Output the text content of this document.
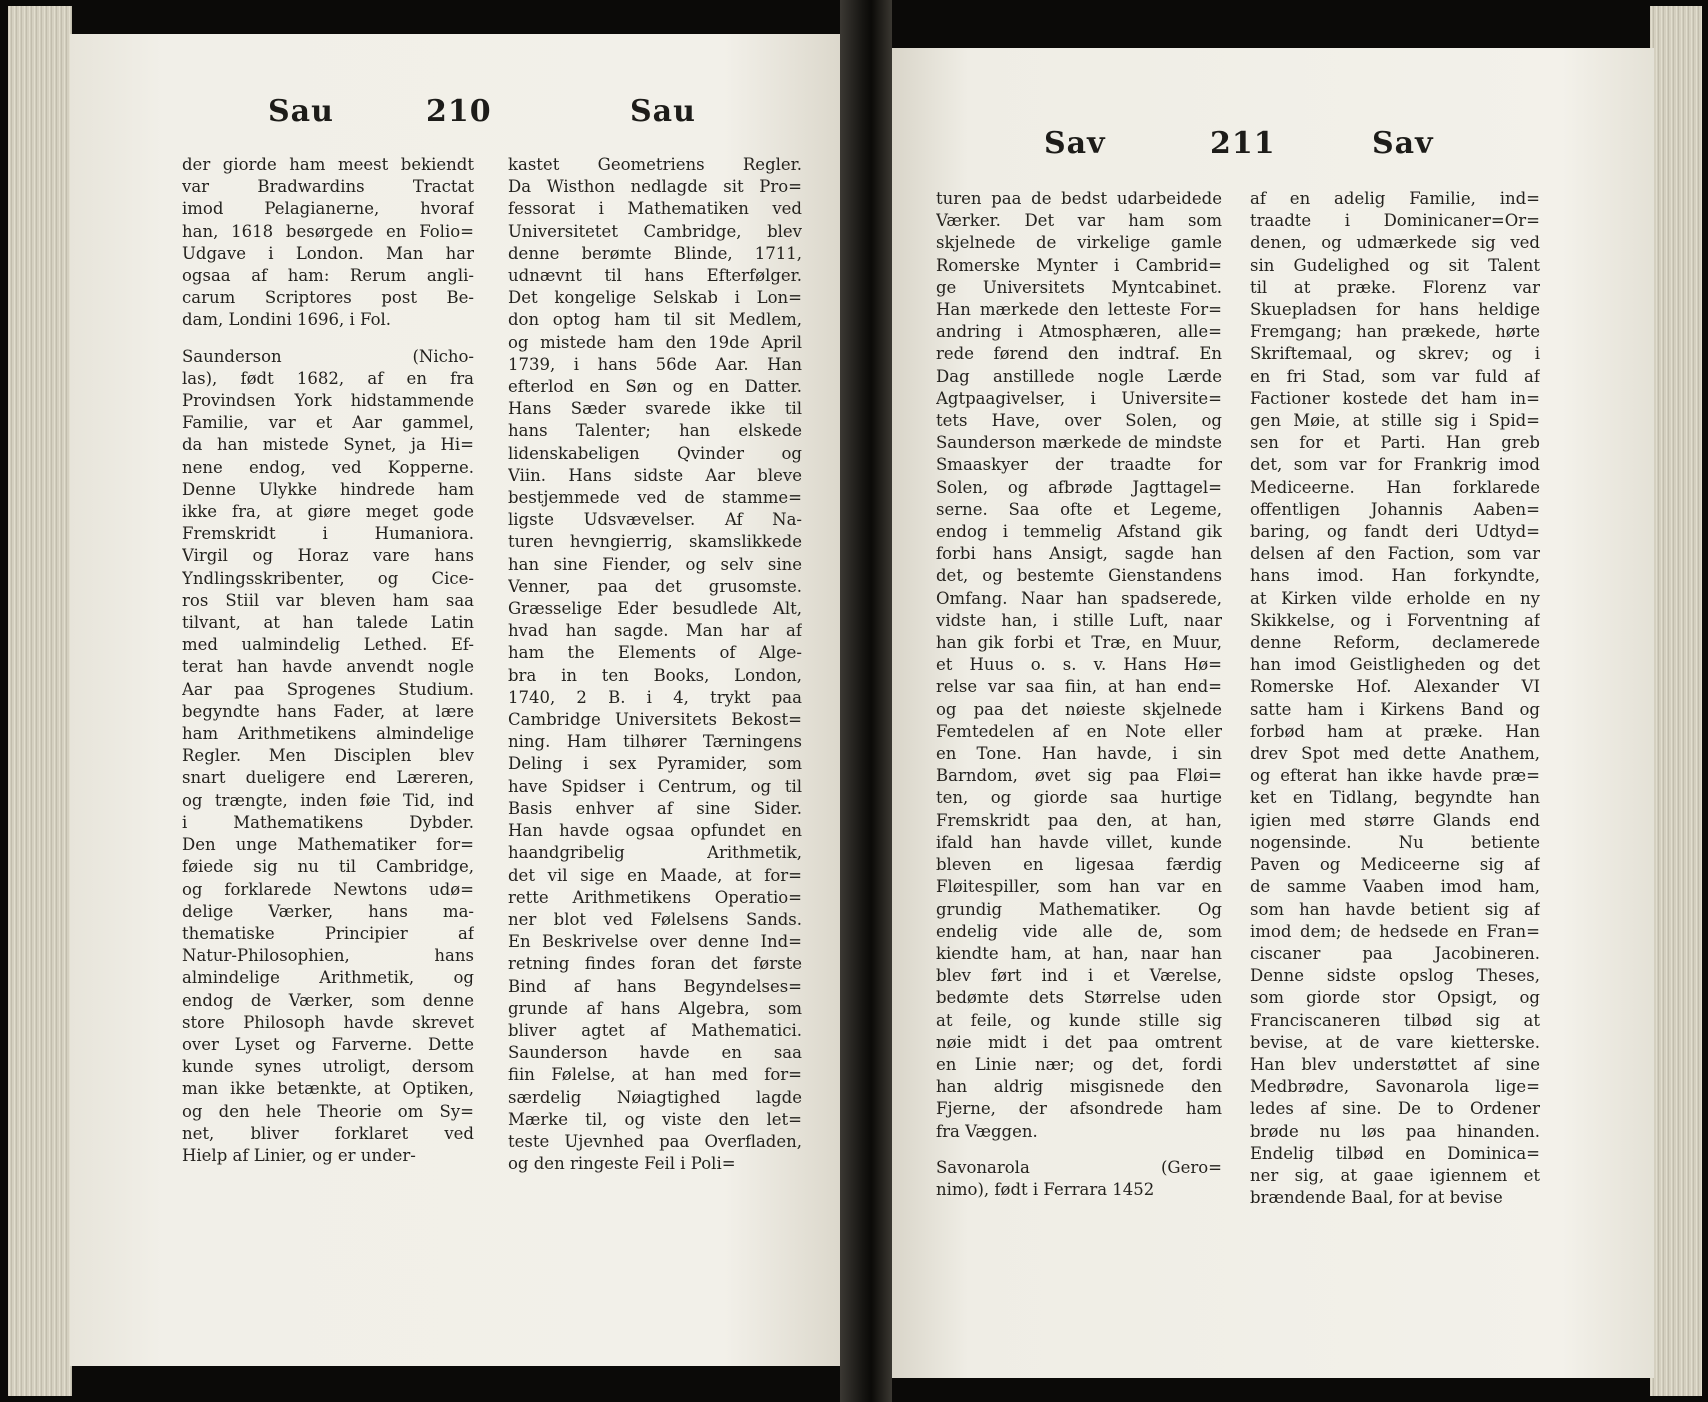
Sau	210	Sau
der giorde ham meest bekiendt
var Bradwardins Tractat
imod Pelagianerne, hvoraf
han, 1618 besørgede en Folio=
Udgave i London. Man har
ogsaa af ham: Rerum angli-
carum Scriptores post Be-
dam, Londini 1696, i Fol.
Saunderson (Nicho-
las), født 1682, af en fra
Provindsen York hidstammende
Familie, var et Aar gammel,
da han mistede Synet, ja Hi=
nene endog, ved Kopperne.
Denne Ulykke hindrede ham
ikke fra, at giøre meget gode
Fremskridt i Humaniora.
Virgil og Horaz vare hans
Yndlingsskribenter, og Cice-
ros Stiil var bleven ham saa
tilvant, at han talede Latin
med ualmindelig Lethed. Ef-
terat han havde anvendt nogle
Aar paa Sprogenes Studium.
begyndte hans Fader, at lære
ham Arithmetikens almindelige
Regler. Men Disciplen blev
snart dueligere end Læreren,
og trængte, inden føie Tid, ind
i Mathematikens Dybder.
Den unge Mathematiker for=
føiede sig nu til Cambridge,
og forklarede Newtons udø=
delige Værker, hans ma-
thematiske Principier af
Natur-Philosophien, hans
almindelige Arithmetik, og
endog de Værker, som denne
store Philosoph havde skrevet
over Lyset og Farverne. Dette
kunde synes utroligt, dersom
man ikke betænkte, at Optiken,
og den hele Theorie om Sy=
net, bliver forklaret ved
Hielp af Linier, og er under-
kastet Geometriens Regler.
Da Wisthon nedlagde sit Pro=
fessorat i Mathematiken ved
Universitetet Cambridge, blev
denne berømte Blinde, 1711,
udnævnt til hans Efterfølger.
Det kongelige Selskab i Lon=
don optog ham til sit Medlem,
og mistede ham den 19de April
1739, i hans 56de Aar. Han
efterlod en Søn og en Datter.
Hans Sæder svarede ikke til
hans Talenter; han elskede
lidenskabeligen Qvinder og
Viin. Hans sidste Aar bleve
bestjemmede ved de stamme=
ligste Udsvævelser. Af Na-
turen hevngierrig, skamslikkede
han sine Fiender, og selv sine
Venner, paa det grusomste.
Græsselige Eder besudlede Alt,
hvad han sagde. Man har af
ham the Elements of Alge-
bra in ten Books, London,
1740, 2 B. i 4, trykt paa
Cambridge Universitets Bekost=
ning. Ham tilhører Tærningens
Deling i sex Pyramider, som
have Spidser i Centrum, og til
Basis enhver af sine Sider.
Han havde ogsaa opfundet en
haandgribelig Arithmetik,
det vil sige en Maade, at for=
rette Arithmetikens Operatio=
ner blot ved Følelsens Sands.
En Beskrivelse over denne Ind=
retning findes foran det første
Bind af hans Begyndelses=
grunde af hans Algebra, som
bliver agtet af Mathematici.
Saunderson havde en saa
fiin Følelse, at han med for=
særdelig Nøiagtighed lagde
Mærke til, og viste den let=
teste Ujevnhed paa Overfladen,
og den ringeste Feil i Poli=
Sav	211	Sav
turen paa de bedst udarbeidede
Værker. Det var ham som
skjelnede de virkelige gamle
Romerske Mynter i Cambrid=
ge Universitets Myntcabinet.
Han mærkede den letteste For=
andring i Atmosphæren, alle=
rede førend den indtraf. En
Dag anstillede nogle Lærde
Agtpaagivelser, i Universite=
tets Have, over Solen, og
Saunderson mærkede de mindste
Smaaskyer der traadte for
Solen, og afbrøde Jagttagel=
serne. Saa ofte et Legeme,
endog i temmelig Afstand gik
forbi hans Ansigt, sagde han
det, og bestemte Gienstandens
Omfang. Naar han spadserede,
vidste han, i stille Luft, naar
han gik forbi et Træ, en Muur,
et Huus o. s. v. Hans Hø=
relse var saa fiin, at han end=
og paa det nøieste skjelnede
Femtedelen af en Note eller
en Tone. Han havde, i sin
Barndom, øvet sig paa Fløi=
ten, og giorde saa hurtige
Fremskridt paa den, at han,
ifald han havde villet, kunde
bleven en ligesaa færdig
Fløitespiller, som han var en
grundig Mathematiker. Og
endelig vide alle de, som
kiendte ham, at han, naar han
blev ført ind i et Værelse,
bedømte dets Størrelse uden
at feile, og kunde stille sig
nøie midt i det paa omtrent
en Linie nær; og det, fordi
han aldrig misgisnede den
Fjerne, der afsondrede ham
fra Væggen.
Savonarola (Gero=
nimo), født i Ferrara 1452
af en adelig Familie, ind=
traadte i Dominicaner=Or=
denen, og udmærkede sig ved
sin Gudelighed og sit Talent
til at præke. Florenz var
Skuepladsen for hans heldige
Fremgang; han prækede, hørte
Skriftemaal, og skrev; og i
en fri Stad, som var fuld af
Factioner kostede det ham in=
gen Møie, at stille sig i Spid=
sen for et Parti. Han greb
det, som var for Frankrig imod
Mediceerne. Han forklarede
offentligen Johannis Aaben=
baring, og fandt deri Udtyd=
delsen af den Faction, som var
hans imod. Han forkyndte,
at Kirken vilde erholde en ny
Skikkelse, og i Forventning af
denne Reform, declamerede
han imod Geistligheden og det
Romerske Hof. Alexander VI
satte ham i Kirkens Band og
forbød ham at præke. Han
drev Spot med dette Anathem,
og efterat han ikke havde præ=
ket en Tidlang, begyndte han
igien med større Glands end
nogensinde. Nu betiente
Paven og Mediceerne sig af
de samme Vaaben imod ham,
som han havde betient sig af
imod dem; de hedsede en Fran=
ciscaner paa Jacobineren.
Denne sidste opslog Theses,
som giorde stor Opsigt, og
Franciscaneren tilbød sig at
bevise, at de vare kietterske.
Han blev understøttet af sine
Medbrødre, Savonarola lige=
ledes af sine. De to Ordener
brøde nu løs paa hinanden.
Endelig tilbød en Dominica=
ner sig, at gaae igiennem et
brændende Baal, for at bevise
